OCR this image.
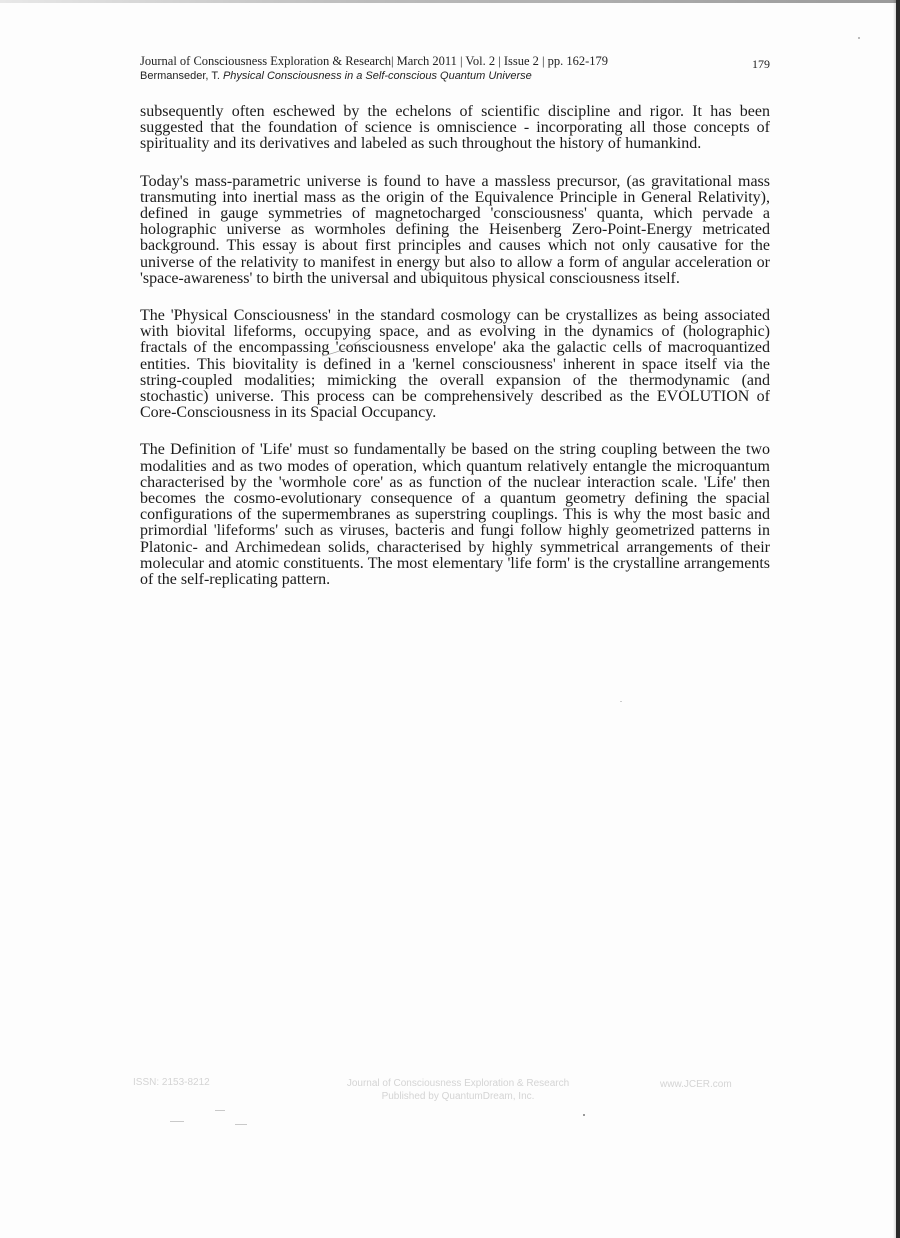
Journal of Consciousness Exploration & Research| March 2011 | Vol. 2 | Issue 2 | pp. 162-179
Bermanseder, T. Physical Consciousness in a Self-conscious Quantum Universe
179

subsequently often eschewed by the echelons of scientific discipline and rigor. It has been suggested that the foundation of science is omniscience - incorporating all those concepts of spirituality and its derivatives and labeled as such throughout the history of humankind.

Today's mass-parametric universe is found to have a massless precursor, (as gravitational mass transmuting into inertial mass as the origin of the Equivalence Principle in General Relativity), defined in gauge symmetries of magnetocharged 'consciousness' quanta, which pervade a holographic universe as wormholes defining the Heisenberg Zero-Point-Energy metricated background. This essay is about first principles and causes which not only causative for the universe of the relativity to manifest in energy but also to allow a form of angular acceleration or 'space-awareness' to birth the universal and ubiquitous physical consciousness itself.

The 'Physical Consciousness' in the standard cosmology can be crystallizes as being associated with biovital lifeforms, occupying space, and as evolving in the dynamics of (holographic) fractals of the encompassing 'consciousness envelope' aka the galactic cells of macroquantized entities. This biovitality is defined in a 'kernel consciousness' inherent in space itself via the string-coupled modalities; mimicking the overall expansion of the thermodynamic (and stochastic) universe. This process can be comprehensively described as the EVOLUTION of Core-Consciousness in its Spacial Occupancy.

The Definition of 'Life' must so fundamentally be based on the string coupling between the two modalities and as two modes of operation, which quantum relatively entangle the microquantum characterised by the 'wormhole core' as as function of the nuclear interaction scale. 'Life' then becomes the cosmo-evolutionary consequence of a quantum geometry defining the spacial configurations of the supermembranes as superstring couplings. This is why the most basic and primordial 'lifeforms' such as viruses, bacteris and fungi follow highly geometrized patterns in Platonic- and Archimedean solids, characterised by highly symmetrical arrangements of their molecular and atomic constituents. The most elementary 'life form' is the crystalline arrangements of the self-replicating pattern.

ISSN: 2153-8212	Journal of Consciousness Exploration & Research
Published by QuantumDream, Inc.
www.JCER.com
